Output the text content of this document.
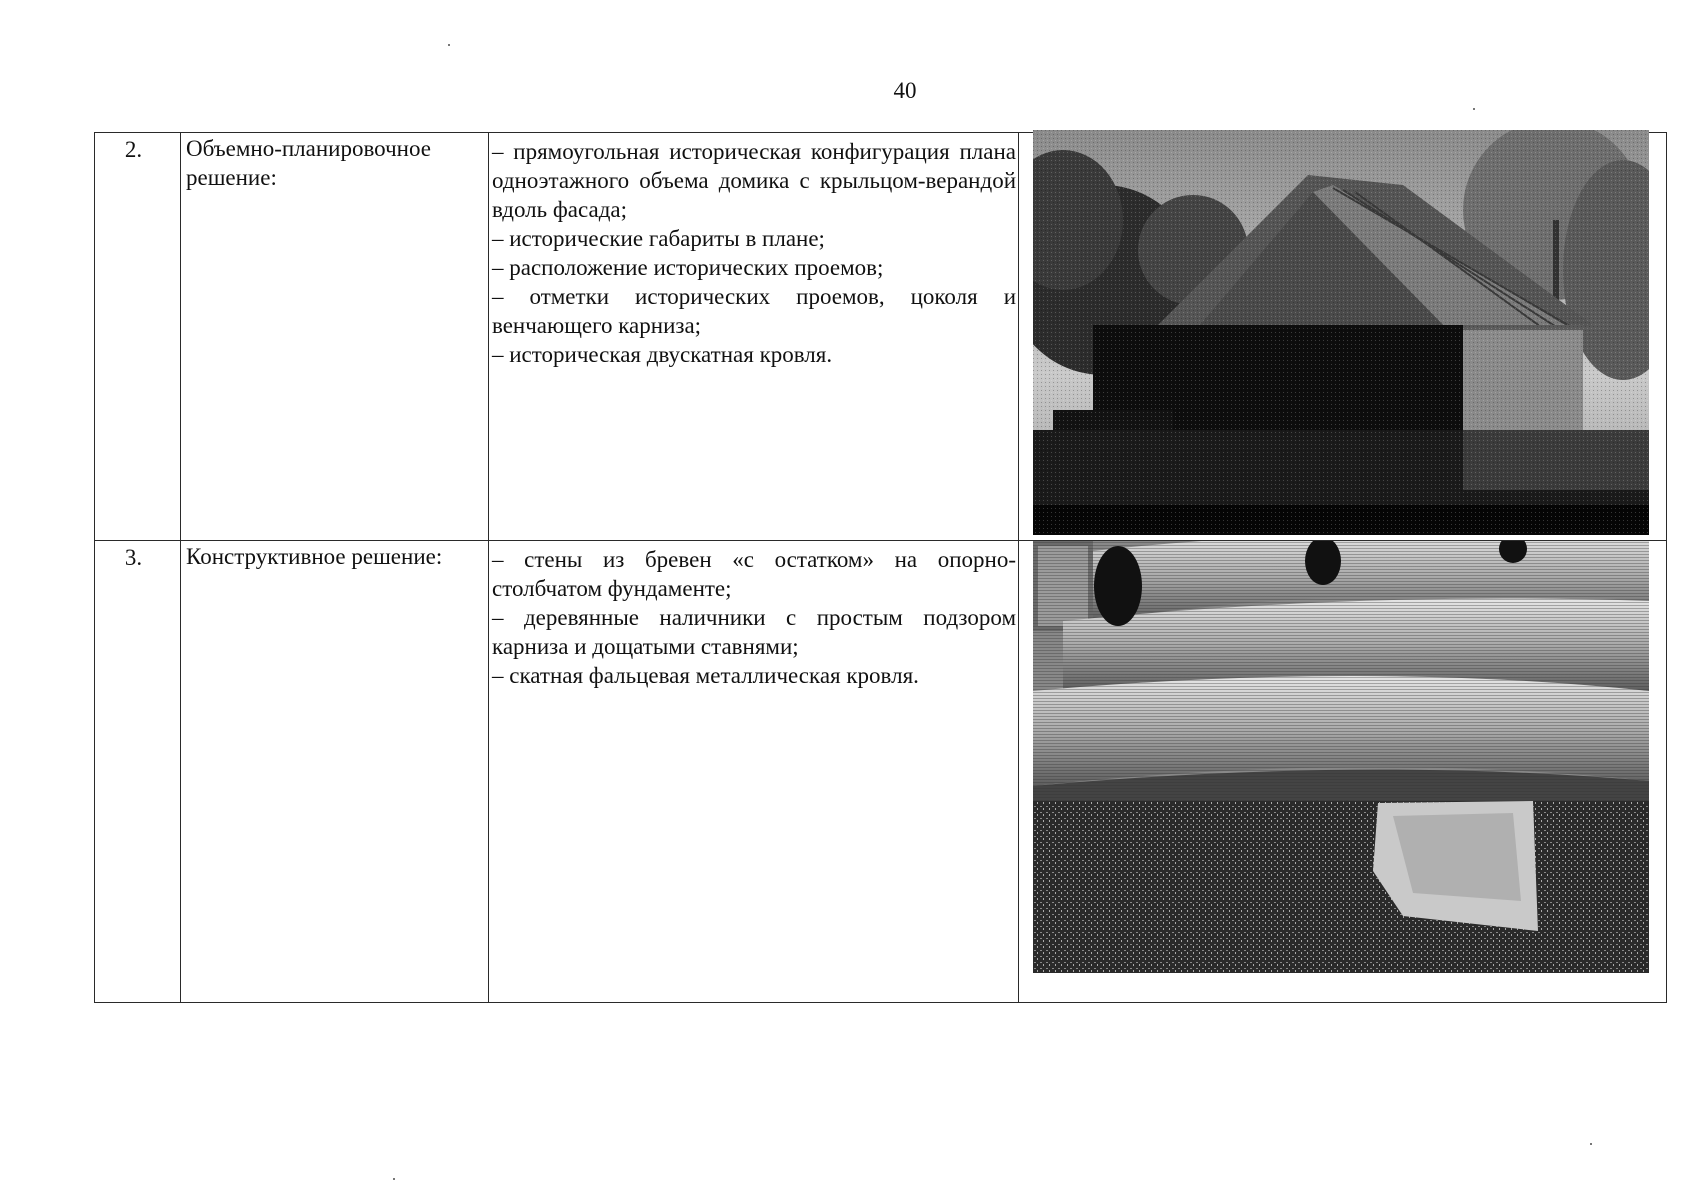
40
2.	Объемно-планировочное решение:	– прямоугольная историческая конфигурация плана одноэтажного объема домика с крыльцом-верандой вдоль фасада;
– исторические габариты в плане;
– расположение исторических проемов;
– отметки исторических проемов, цоколя и венчающего карниза;
– историческая двускатная кровля.

3.	Конструктивное решение:	– стены из бревен «с остатком» на опорно-столбчатом фундаменте;
– деревянные наличники с простым подзором карниза и дощатыми ставнями;
– скатная фальцевая металлическая кровля.
